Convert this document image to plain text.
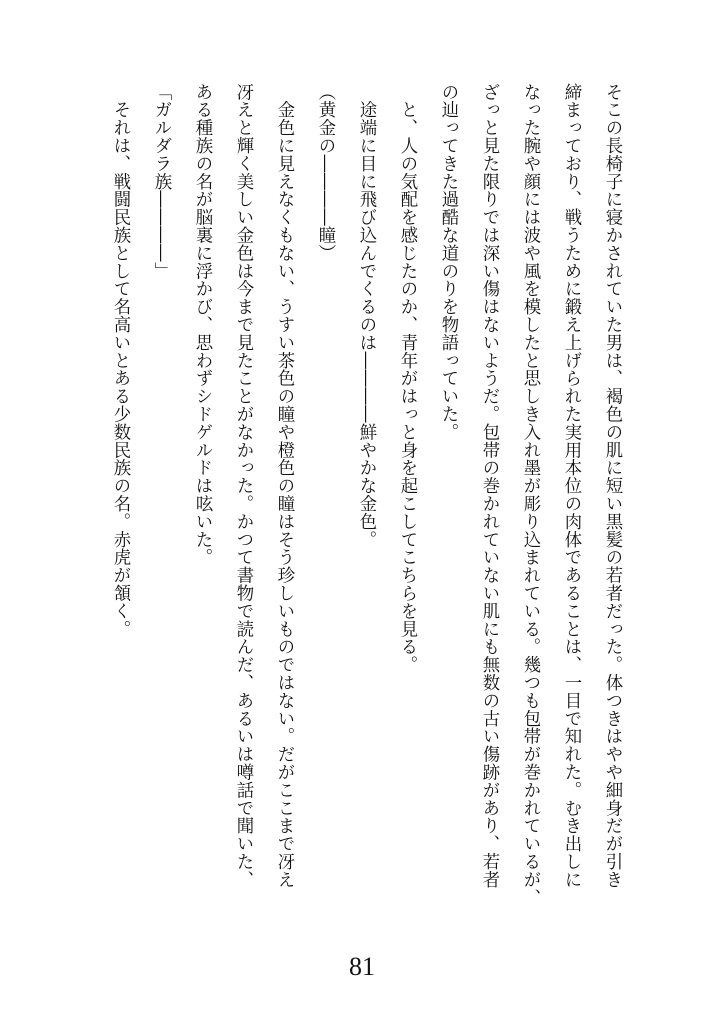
そこの長椅子に寝かされていた男は、褐色の肌に短い黒髪の若者だった。体つきはやや細身だが引き

締まっており、戦うために鍛え上げられた実用本位の肉体であることは、一目で知れた。むき出しに

なった腕や顔には波や風を模したと思しき入れ墨が彫り込まれている。幾つも包帯が巻かれているが、

ざっと見た限りでは深い傷はないようだ。包帯の巻かれていない肌にも無数の古い傷跡があり、若者

の辿ってきた過酷な道のりを物語っていた。

　と、人の気配を感じたのか、青年がはっと身を起こしてこちらを見る。

　途端に目に飛び込んでくるのは――――鮮やかな金色。

（黄金の――――瞳）

　金色に見えなくもない、うすい茶色の瞳や橙色の瞳はそう珍しいものではない。だがここまで冴え

冴えと輝く美しい金色は今まで見たことがなかった。かつて書物で読んだ、あるいは噂話で聞いた、

ある種族の名が脳裏に浮かび、思わずシドゲルドは呟いた。

「ガルダラ族――――」

　それは、戦闘民族として名高いとある少数民族の名。赤虎が頷く。

81
